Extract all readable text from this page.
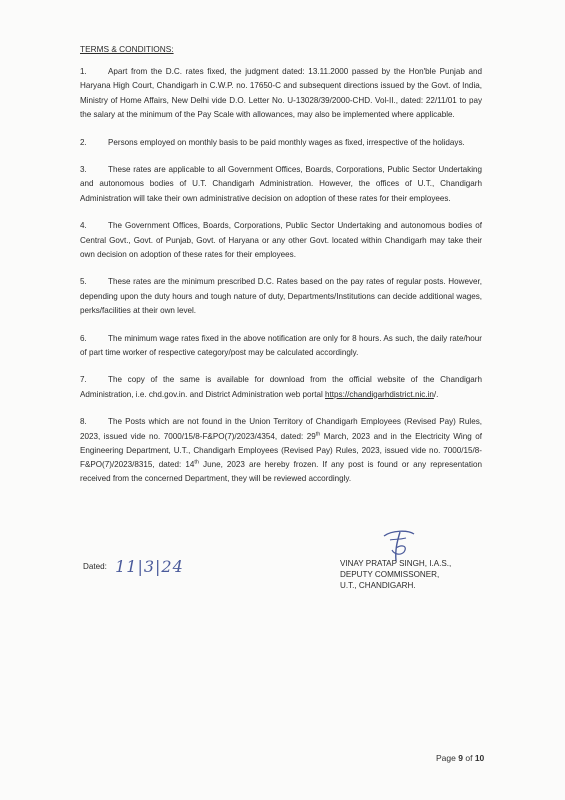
TERMS & CONDITIONS:
1.	Apart from the D.C. rates fixed, the judgment dated: 13.11.2000 passed by the Hon'ble Punjab and Haryana High Court, Chandigarh in C.W.P. no. 17650-C and subsequent directions issued by the Govt. of India, Ministry of Home Affairs, New Delhi vide D.O. Letter No. U-13028/39/2000-CHD. Vol-II., dated: 22/11/01 to pay the salary at the minimum of the Pay Scale with allowances, may also be implemented where applicable.
2.	Persons employed on monthly basis to be paid monthly wages as fixed, irrespective of the holidays.
3.	These rates are applicable to all Government Offices, Boards, Corporations, Public Sector Undertaking and autonomous bodies of U.T. Chandigarh Administration. However, the offices of U.T., Chandigarh Administration will take their own administrative decision on adoption of these rates for their employees.
4.	The Government Offices, Boards, Corporations, Public Sector Undertaking and autonomous bodies of Central Govt., Govt. of Punjab, Govt. of Haryana or any other Govt. located within Chandigarh may take their own decision on adoption of these rates for their employees.
5.	These rates are the minimum prescribed D.C. Rates based on the pay rates of regular posts. However, depending upon the duty hours and tough nature of duty, Departments/Institutions can decide additional wages, perks/facilities at their own level.
6.	The minimum wage rates fixed in the above notification are only for 8 hours. As such, the daily rate/hour of part time worker of respective category/post may be calculated accordingly.
7.	The copy of the same is available for download from the official website of the Chandigarh Administration, i.e. chd.gov.in. and District Administration web portal https://chandigarhdistrict.nic.in/.
8.	The Posts which are not found in the Union Territory of Chandigarh Employees (Revised Pay) Rules, 2023, issued vide no. 7000/15/8-F&PO(7)/2023/4354, dated: 29th March, 2023 and in the Electricity Wing of Engineering Department, U.T., Chandigarh Employees (Revised Pay) Rules, 2023, issued vide no. 7000/15/8-F&PO(7)/2023/8315, dated: 14th June, 2023 are hereby frozen. If any post is found or any representation received from the concerned Department, they will be reviewed accordingly.
Dated: 11|3|24	VINAY PRATAP SINGH, I.A.S.,
DEPUTY COMMISSONER,
U.T., CHANDIGARH.
Page 9 of 10
